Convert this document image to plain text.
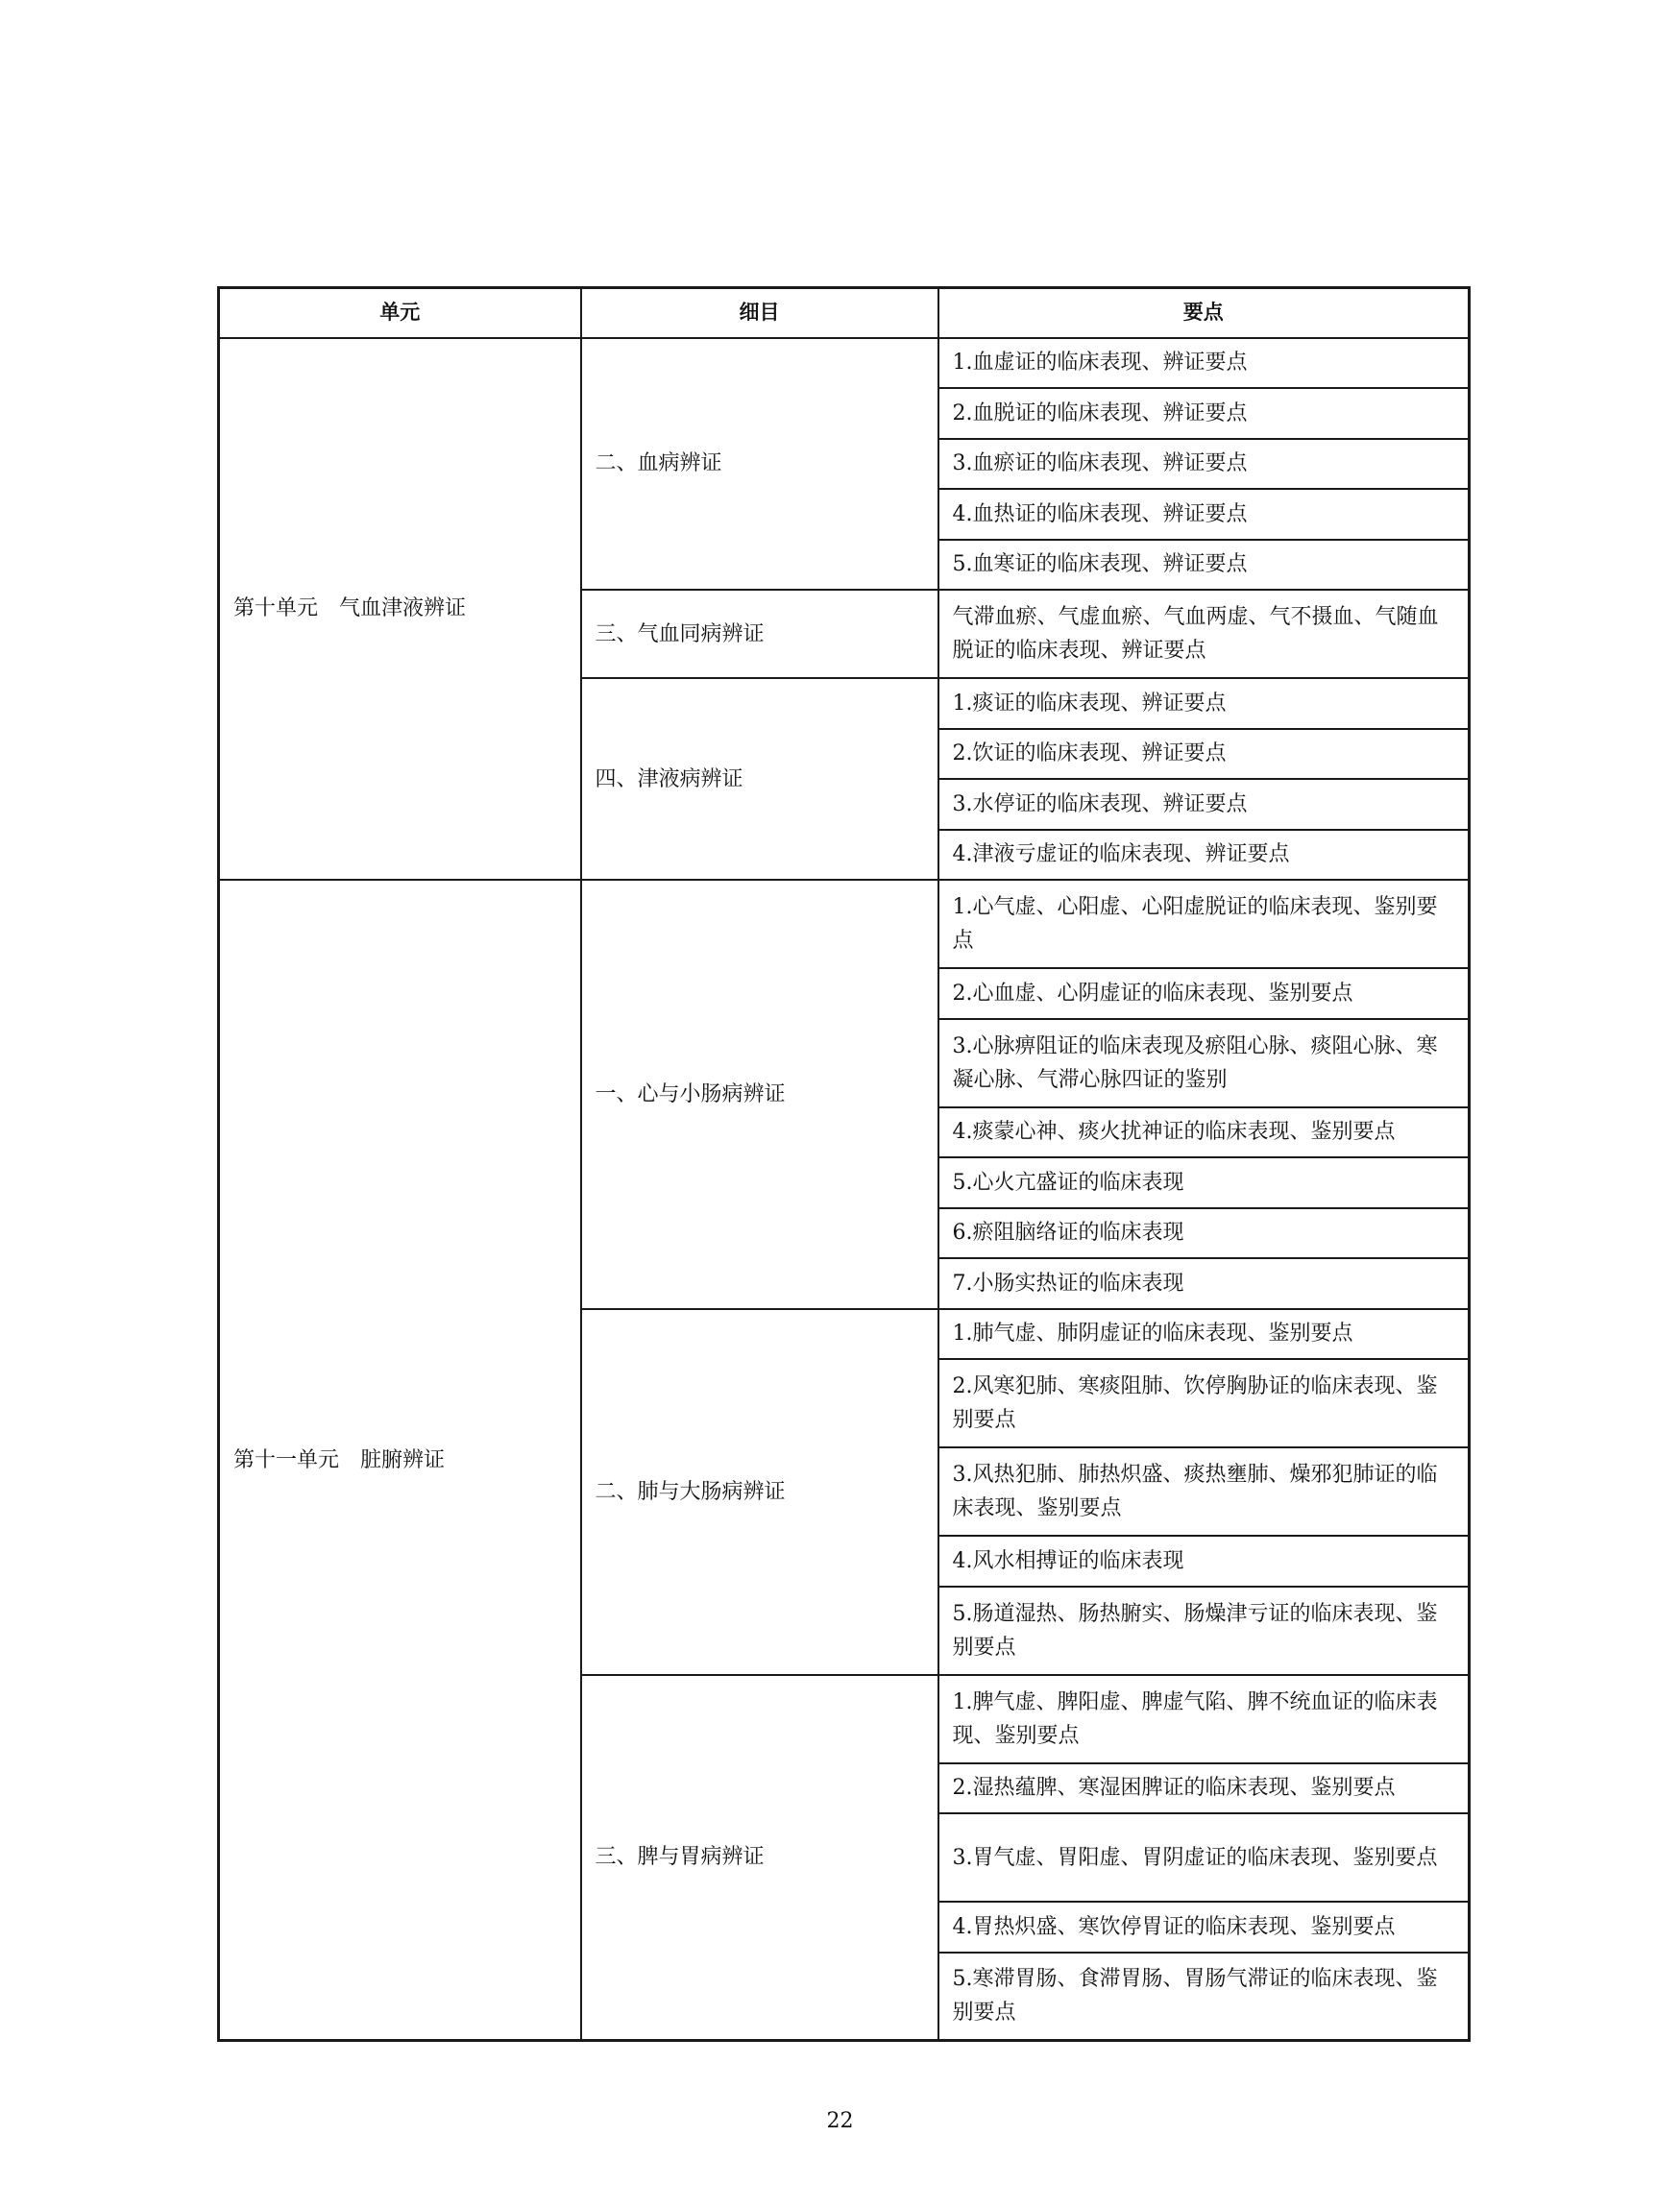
单元	细目	要点
第十单元　气血津液辨证	二、血病辨证	1.血虚证的临床表现、辨证要点
		2.血脱证的临床表现、辨证要点
		3.血瘀证的临床表现、辨证要点
		4.血热证的临床表现、辨证要点
		5.血寒证的临床表现、辨证要点
	三、气血同病辨证	气滞血瘀、气虚血瘀、气血两虚、气不摄血、气随血脱证的临床表现、辨证要点
	四、津液病辨证	1.痰证的临床表现、辨证要点
		2.饮证的临床表现、辨证要点
		3.水停证的临床表现、辨证要点
		4.津液亏虚证的临床表现、辨证要点
第十一单元　脏腑辨证	一、心与小肠病辨证	1.心气虚、心阳虚、心阳虚脱证的临床表现、鉴别要点
		2.心血虚、心阴虚证的临床表现、鉴别要点
		3.心脉痹阻证的临床表现及瘀阻心脉、痰阻心脉、寒凝心脉、气滞心脉四证的鉴别
		4.痰蒙心神、痰火扰神证的临床表现、鉴别要点
		5.心火亢盛证的临床表现
		6.瘀阻脑络证的临床表现
		7.小肠实热证的临床表现
	二、肺与大肠病辨证	1.肺气虚、肺阴虚证的临床表现、鉴别要点
		2.风寒犯肺、寒痰阻肺、饮停胸胁证的临床表现、鉴别要点
		3.风热犯肺、肺热炽盛、痰热壅肺、燥邪犯肺证的临床表现、鉴别要点
		4.风水相搏证的临床表现
		5.肠道湿热、肠热腑实、肠燥津亏证的临床表现、鉴别要点
	三、脾与胃病辨证	1.脾气虚、脾阳虚、脾虚气陷、脾不统血证的临床表现、鉴别要点
		2.湿热蕴脾、寒湿困脾证的临床表现、鉴别要点
		3.胃气虚、胃阳虚、胃阴虚证的临床表现、鉴别要点
		4.胃热炽盛、寒饮停胃证的临床表现、鉴别要点
		5.寒滞胃肠、食滞胃肠、胃肠气滞证的临床表现、鉴别要点
22
